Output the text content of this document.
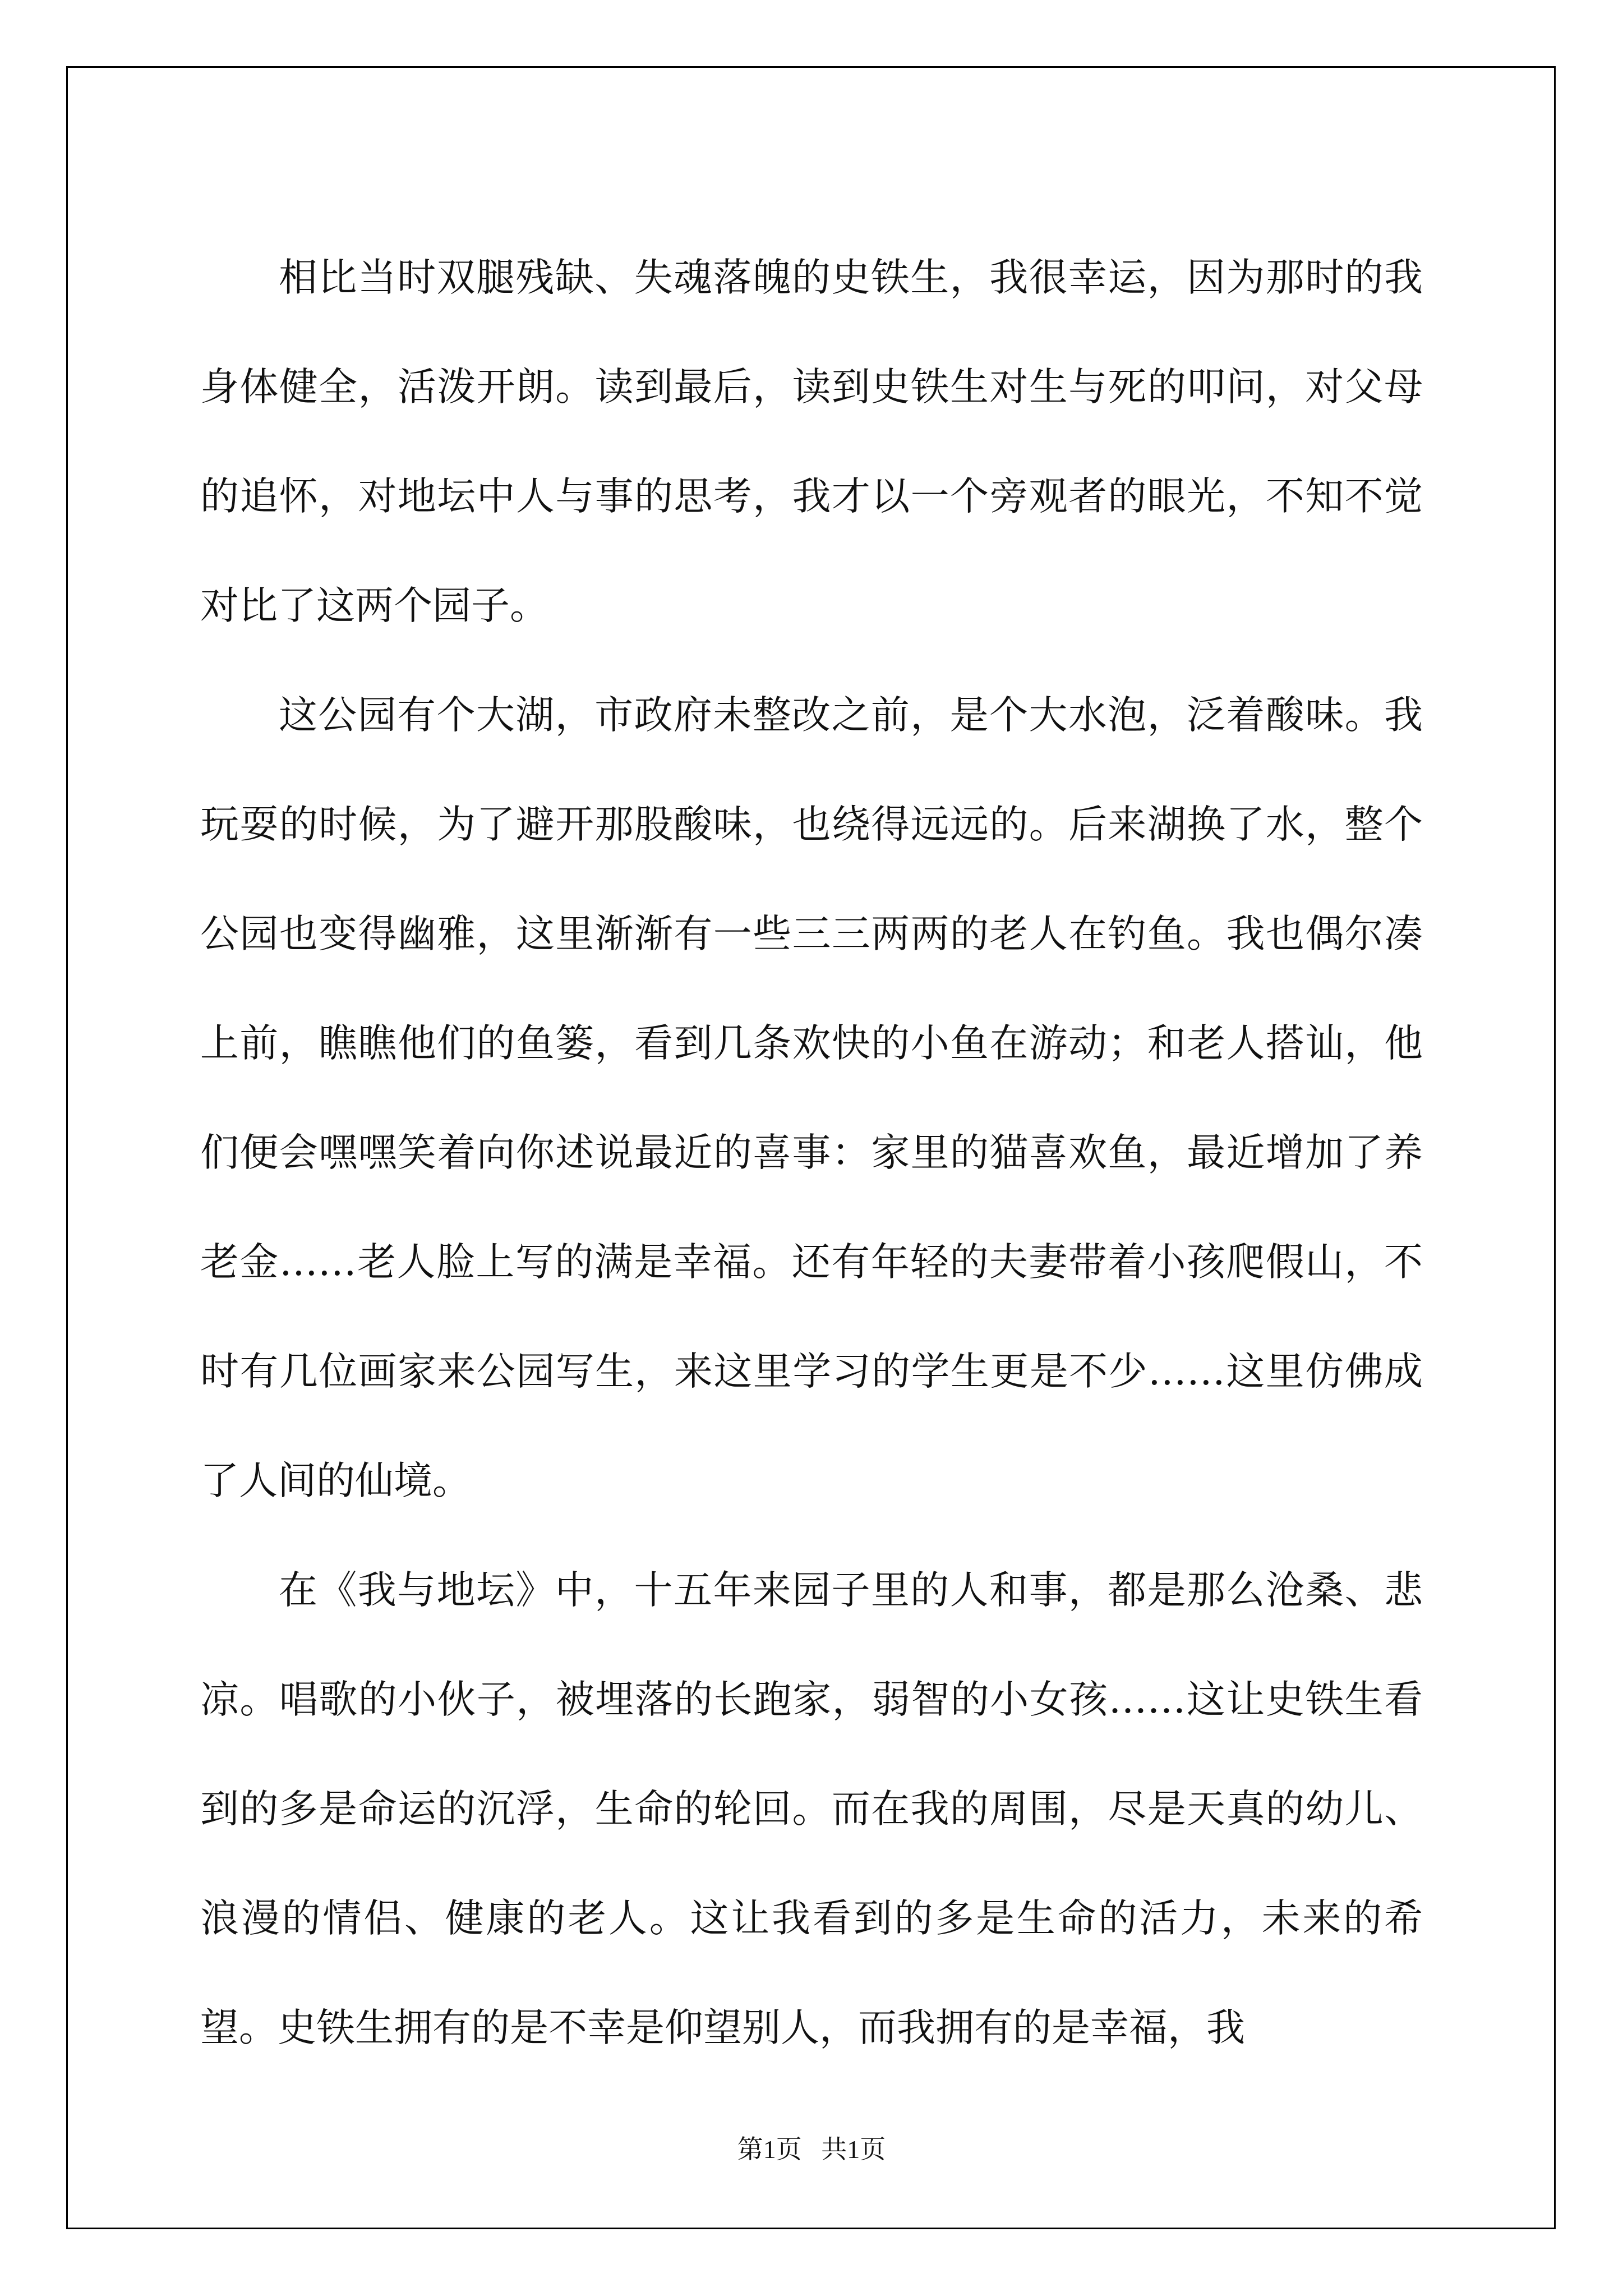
相比当时双腿残缺、失魂落魄的史铁生，我很幸运，因为那时的我身体健全，活泼开朗。读到最后，读到史铁生对生与死的叩问，对父母的追怀，对地坛中人与事的思考，我才以一个旁观者的眼光，不知不觉对比了这两个园子。

这公园有个大湖，市政府未整改之前，是个大水泡，泛着酸味。我玩耍的时候，为了避开那股酸味，也绕得远远的。后来湖换了水，整个公园也变得幽雅，这里渐渐有一些三三两两的老人在钓鱼。我也偶尔凑上前，瞧瞧他们的鱼篓，看到几条欢快的小鱼在游动；和老人搭讪，他们便会嘿嘿笑着向你述说最近的喜事：家里的猫喜欢鱼，最近增加了养老金……老人脸上写的满是幸福。还有年轻的夫妻带着小孩爬假山，不时有几位画家来公园写生，来这里学习的学生更是不少……这里仿佛成了人间的仙境。

在《我与地坛》中，十五年来园子里的人和事，都是那么沧桑、悲凉。唱歌的小伙子，被埋落的长跑家，弱智的小女孩……这让史铁生看到的多是命运的沉浮，生命的轮回。而在我的周围，尽是天真的幼儿、浪漫的情侣、健康的老人。这让我看到的多是生命的活力，未来的希望。史铁生拥有的是不幸是仰望别人，而我拥有的是幸福，我

第1页 共1页
